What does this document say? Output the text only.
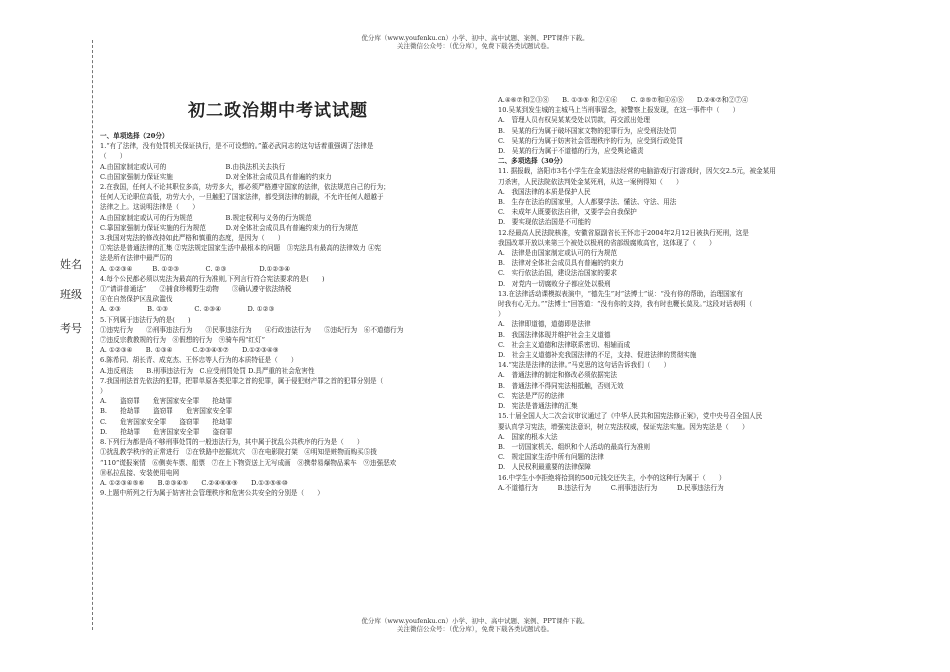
优分库（www.youfenku.cn）小学、初中、高中试题、案例、PPT课件下载。
关注微信公众号：（优分库），免费下载各类试题试卷。
姓名
班级
考号
初二政治期中考试试题

一、单项选择（20分）

1.“有了法律，没有处罚机关保证执行，是不可设想的。”董必武同志的这句话着重强调了法律是

（　　）

A.由国家制定或认可的　　　　　　　　　B.由执法机关去执行

C.由国家强制力保证实施　　　　　　　　D.对全体社会成员具有普遍的约束力

2.在我国，任何人不论其职位多高，功劳多大，都必须严格遵守国家的法律，依法规范自己的行为；

任何人无论职位高低，功劳大小，一旦触犯了国家法律，都受到法律的制裁，不允许任何人超越于

法律之上。这说明法律是（　　）

A.由国家制定或认可的行为规范　　　　　B.规定权利与义务的行为规范

C.靠国家强制力保证实施的行为规范　　　D.对全体社会成员具有普遍约束力的行为规范

3.我国对宪法的修改持如此严格和慎重的态度，是因为（　　）

①宪法是普通法律的汇集 ②宪法规定国家生活中最根本的问题　③宪法具有最高的法律效力 ④宪

法是所有法律中最严厉的

A. ①②③④　　　B. ①②③　　　　C. ②③　　　　　D.①②③④

4.每个公民都必须以宪法为最高的行为准则,下列言行符合宪法要求的是(　　)

①“请讲普通话”　　②捕食珍稀野生动物　　③确认遵守依法纳税

④在自然保护区乱砍滥伐

A. ②③　　　　B. ①③　　　　C. ②③④　　　　D. ①②③

5.下列属于违法行为的是(　　)

①违宪行为　　②刑事违法行为　　③民事违法行为　　④行政违法行为　　⑤违纪行为　⑥不道德行为

⑦违反宗教教规的行为　⑧假想的行为　⑨骑车闯“红灯”

A. ①②③④　　B. ①③④　　　C.②③④⑤⑦　　D.①②③④⑨

6.陈希同、胡长青、成克杰、王怀忠等人行为的本质特征是（　　）

A.违反刑法　　B.刑事违法行为　C.应受刑罚处罚 D.具严重的社会危害性

7.我国刑法首先依法的犯罪，把罪单原各类犯罪之首的犯罪，属于侵犯财产罪之首的犯罪分别是（

）

A.　　盗窃罪　　危害国家安全罪　　抢劫罪

B.　　抢劫罪　　盗窃罪　　危害国家安全罪

C.　　危害国家安全罪　　盗窃罪　　抢劫罪

D.　　抢劫罪　　危害国家安全罪　　盗窃罪

8.下列行为都是尚不够刑事处罚的一般违法行为，其中属于扰乱公共秩序的行为是（　　）

①扰乱教学秩序的正常进行　②在铁路中挖掘坑穴　③在电影院打架　④明知是赃物而购买⑤拨

“110”谎报案情　⑥侧卖车票、船票　⑦在上下物资送上无写成画　⑧携带易爆物品乘车　⑨违强恶欢

⑩私拉乱接、安装使用电网

A. ①②③④⑤⑥　　B.②③④⑤　　C.②④⑥⑧⑨　　D.①③⑤⑥⑩

9.上题中所列之行为属于妨害社会管理秩序和危害公共安全的分别是（　　）

A.④⑥⑦和②③⑧　　B. ①③⑤ 和②④⑥　　C. ②⑤⑦和④⑥⑧　　D.②⑥⑦和②⑦④

10.吴某到发生城的主城马上当刑事留念，被警察上报发现，在这一事件中（　　）

A.　管理人员有权吴某某受处以罚款，再交派出处理

B.　吴某的行为属于破坏国家文物的犯罪行为，应受刑法处罚

C.　吴某的行为属于妨害社会管理秩序的行为，应受到行政处罚

D.　吴某的行为属于不道德的行为，应受舆论谴责

二、多项选择（30分）

11. 据报载，洛阳市3名小学生在金某违法经营的电脑游戏厅打游戏时，因欠交2.5元，被金某用

刀杀害，人民法院依法判处金某死刑，从这一案例得知（　　）

A.　我国法律的本质是保护人民

B.　生存在法治的国家里，人人都要学法、懂法、守法、用法

C.　未成年人既要依法自律，又要学会自我保护

D.　要实现依法治国是不可能的

12.经最高人民法院核准，安徽省原副省长王怀忠于2004年2月12日被执行死刑，这是

我国改革开放以来第三个被处以极刑的省部级腐败高官，这体现了（　　）

A.　法律是由国家制定或认可的行为规范

B.　法律对全体社会成员具有普遍的约束力

C.　实行依法治国，建设法治国家的要求

D.　对党内一切腐败分子都应处以极刑

13.在法律活动课模拟表演中，“德先生”对“法博士”说：“没有你的帮助，治理国家有

时我有心无力。”“法博士”回答道：“没有你的支持，我有时也鞭长莫及。”这段对话表明（

）

A.　法律即道德，道德即是法律

B.　我国法律体现并维护社会主义道德

C.　社会主义道德和法律联系密切、相辅而成

D.　社会主义道德补充我国法律的不足，支持、促进法律的贯彻实施

14.“宪法是法律的法律。”马克思的这句话告诉我们（　　）

A.　普通法律的制定和修改必须依据宪法

B.　普通法律不得同宪法相抵触，否则无效

C.　宪法是严厉的法律

D.　宪法是普通法律的汇集

15.十届全国人大二次会议审议通过了《中华人民共和国宪法修正案》，党中央号召全国人民

要认真学习宪法，增强宪法意识，树立宪法权威，保证宪法实施。因为宪法是（　　）

A.　国家的根本大法

B.　一切国家机关、组织和个人活动的最高行为准则

C.　规定国家生活中所有问题的法律

D.　人民权利最重要的法律保障

16.中学生小李拒绝将拾到的500元钱交还失主，小李的这种行为属于（　　）

A.不道德行为　　　B.违法行为　　　C.刑事违法行为　　　D.民事违法行为

优分库（www.youfenku.cn）小学、初中、高中试题、案例、PPT课件下载。
关注微信公众号：（优分库），免费下载各类试题试卷。
